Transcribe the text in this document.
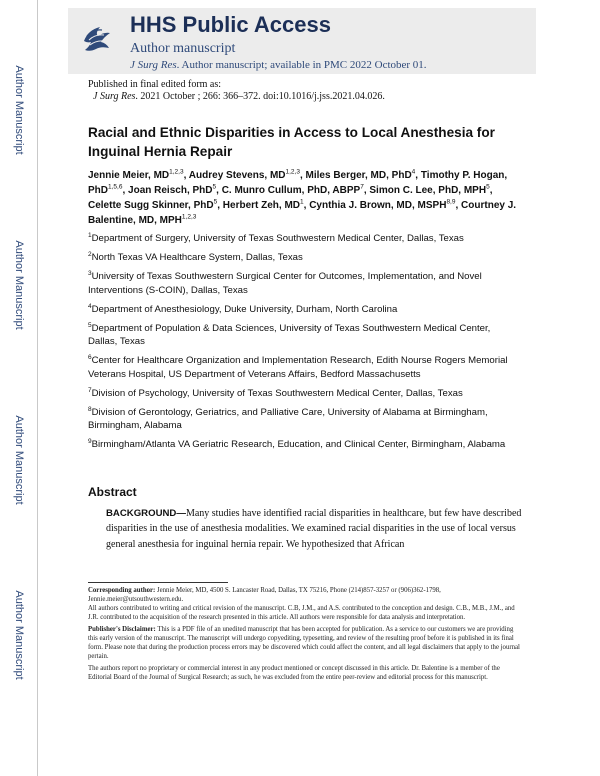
Author Manuscript
Author Manuscript
Author Manuscript
Author Manuscript
HHS Public Access
Author manuscript
J Surg Res. Author manuscript; available in PMC 2022 October 01.
Published in final edited form as:
J Surg Res. 2021 October ; 266: 366–372. doi:10.1016/j.jss.2021.04.026.
Racial and Ethnic Disparities in Access to Local Anesthesia for Inguinal Hernia Repair
Jennie Meier, MD$^{1,2,3}$, Audrey Stevens, MD$^{1,2,3}$, Miles Berger, MD, PhD$^4$, Timothy P. Hogan, PhD$^{1,5,6}$, Joan Reisch, PhD$^5$, C. Munro Cullum, PhD, ABPP$^7$, Simon C. Lee, PhD, MPH$^5$, Celette Sugg Skinner, PhD$^5$, Herbert Zeh, $MD^1$, Cynthia J. Brown, MD, MSPH$^{8,9}$, Courtney J. Balentine, MD, MPH$^{1,2,3}$

$^1$Department of Surgery, University of Texas Southwestern Medical Center, Dallas, Texas

$^2$North Texas VA Healthcare System, Dallas, Texas

$^3$University of Texas Southwestern Surgical Center for Outcomes, Implementation, and Novel Interventions (S-COIN), Dallas, Texas

$^4$Department of Anesthesiology, Duke University, Durham, North Carolina

$^5$Department of Population & Data Sciences, University of Texas Southwestern Medical Center, Dallas, Texas

$^6$Center for Healthcare Organization and Implementation Research, Edith Nourse Rogers Memorial Veterans Hospital, US Department of Veterans Affairs, Bedford Massachusetts

$^7$Division of Psychology, University of Texas Southwestern Medical Center, Dallas, Texas

$^8$Division of Gerontology, Geriatrics, and Palliative Care, University of Alabama at Birmingham, Birmingham, Alabama

$^9$Birmingham/Atlanta VA Geriatric Research, Education, and Clinical Center, Birmingham, Alabama

Abstract
BACKGROUND—Many studies have identified racial disparities in healthcare, but few have described disparities in the use of anesthesia modalities. We examined racial disparities in the use of local versus general anesthesia for inguinal hernia repair. We hypothesized that African

Corresponding author: Jennie Meier, MD, 4500 S. Lancaster Road, Dallas, TX 75216, Phone (214)857-3257 or (906)362-1798, Jennie.meier@utsouthwestern.edu.
All authors contributed to writing and critical revision of the manuscript. C.B, J.M., and A.S. contributed to the conception and design. C.B., M.B., J.M., and J.R. contributed to the acquisition of the research presented in this article. All authors were responsible for data analysis and interpretation.

Publisher's Disclaimer: This is a PDF file of an unedited manuscript that has been accepted for publication. As a service to our customers we are providing this early version of the manuscript. The manuscript will undergo copyediting, typesetting, and review of the resulting proof before it is published in its final form. Please note that during the production process errors may be discovered which could affect the content, and all legal disclaimers that apply to the journal pertain.

The authors report no proprietary or commercial interest in any product mentioned or concept discussed in this article. Dr. Balentine is a member of the Editorial Board of the Journal of Surgical Research; as such, he was excluded from the entire peer-review and editorial process for this manuscript.
